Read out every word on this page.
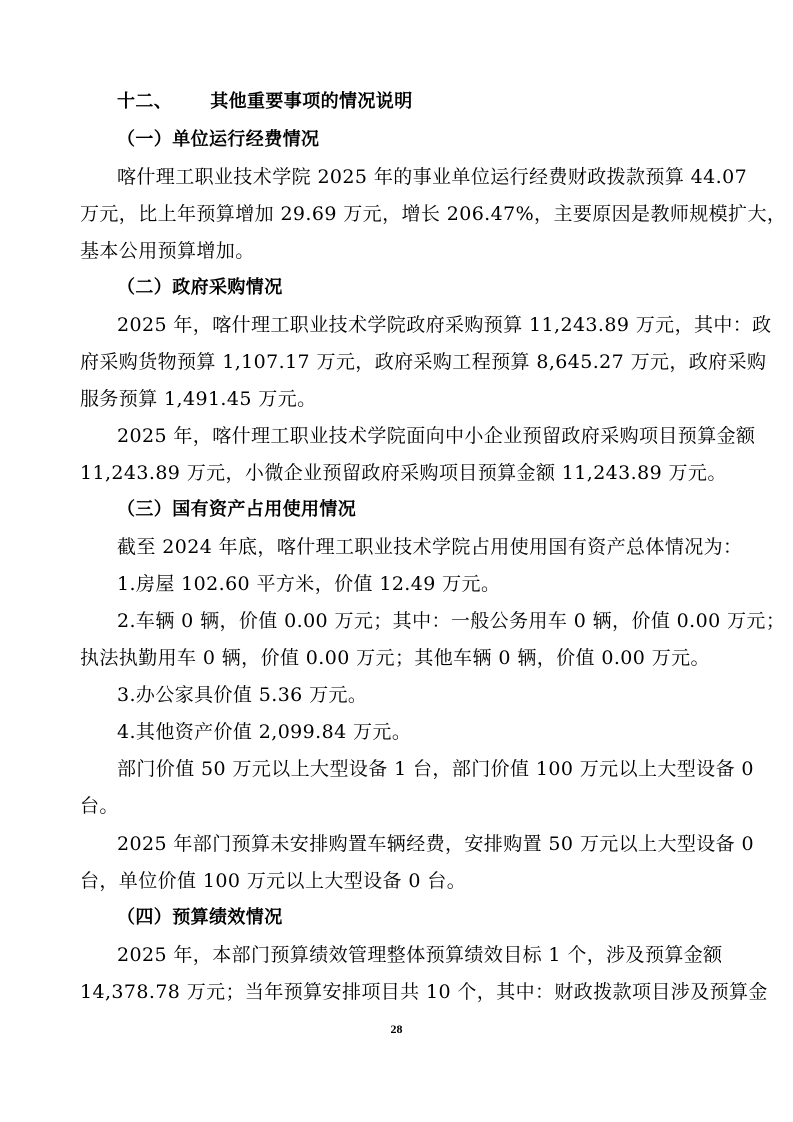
十二、 其他重要事项的情况说明
（一）单位运行经费情况
喀什理工职业技术学院 2025 年的事业单位运行经费财政拨款预算 44.07
万元，比上年预算增加 29.69 万元，增长 206.47%，主要原因是教师规模扩大，
基本公用预算增加。
（二）政府采购情况
2025 年，喀什理工职业技术学院政府采购预算 11,243.89 万元，其中：政
府采购货物预算 1,107.17 万元，政府采购工程预算 8,645.27 万元，政府采购
服务预算 1,491.45 万元。
2025 年，喀什理工职业技术学院面向中小企业预留政府采购项目预算金额
11,243.89 万元，小微企业预留政府采购项目预算金额 11,243.89 万元。
（三）国有资产占用使用情况
截至 2024 年底，喀什理工职业技术学院占用使用国有资产总体情况为：
1.房屋 102.60 平方米，价值 12.49 万元。
2.车辆 0 辆，价值 0.00 万元；其中：一般公务用车 0 辆，价值 0.00 万元；
执法执勤用车 0 辆，价值 0.00 万元；其他车辆 0 辆，价值 0.00 万元。
3.办公家具价值 5.36 万元。
4.其他资产价值 2,099.84 万元。
部门价值 50 万元以上大型设备 1 台，部门价值 100 万元以上大型设备 0
台。
2025 年部门预算未安排购置车辆经费，安排购置 50 万元以上大型设备 0
台，单位价值 100 万元以上大型设备 0 台。
（四）预算绩效情况
2025 年，本部门预算绩效管理整体预算绩效目标 1 个，涉及预算金额
14,378.78 万元；当年预算安排项目共 10 个，其中：财政拨款项目涉及预算金
28
